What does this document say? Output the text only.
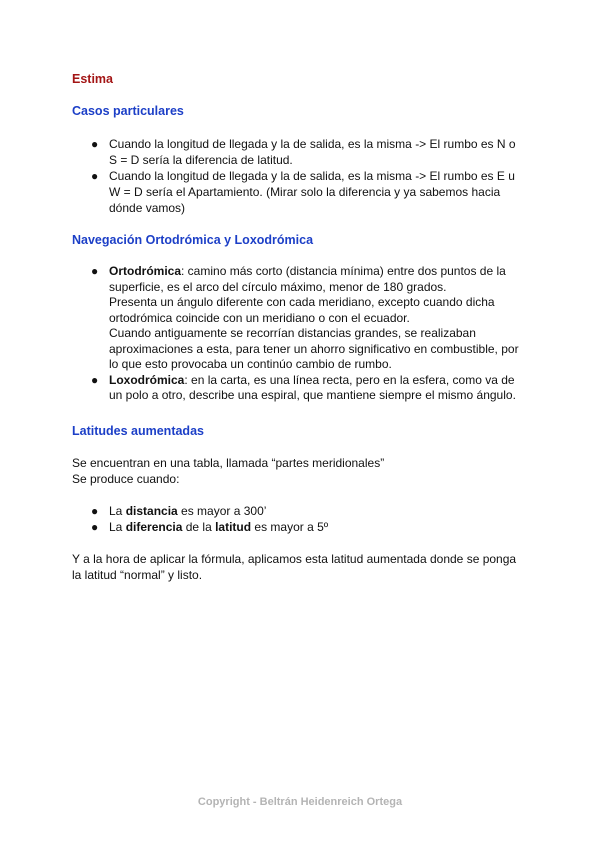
Estima
Casos particulares
● Cuando la longitud de llegada y la de salida, es la misma -> El rumbo es N o S = D sería la diferencia de latitud.
● Cuando la longitud de llegada y la de salida, es la misma -> El rumbo es E u W = D sería el Apartamiento. (Mirar solo la diferencia y ya sabemos hacia dónde vamos)
Navegación Ortodrómica y Loxodrómica
● Ortodrómica: camino más corto (distancia mínima) entre dos puntos de la superficie, es el arco del círculo máximo, menor de 180 grados.
Presenta un ángulo diferente con cada meridiano, excepto cuando dicha ortodrómica coincide con un meridiano o con el ecuador.
Cuando antiguamente se recorrían distancias grandes, se realizaban aproximaciones a esta, para tener un ahorro significativo en combustible, por lo que esto provocaba un continúo cambio de rumbo.
● Loxodrómica: en la carta, es una línea recta, pero en la esfera, como va de un polo a otro, describe una espiral, que mantiene siempre el mismo ángulo.
Latitudes aumentadas
Se encuentran en una tabla, llamada “partes meridionales”
Se produce cuando:
● La distancia es mayor a 300’
● La diferencia de la latitud es mayor a 5º
Y a la hora de aplicar la fórmula, aplicamos esta latitud aumentada donde se ponga la latitud “normal” y listo.
Copyright - Beltrán Heidenreich Ortega
